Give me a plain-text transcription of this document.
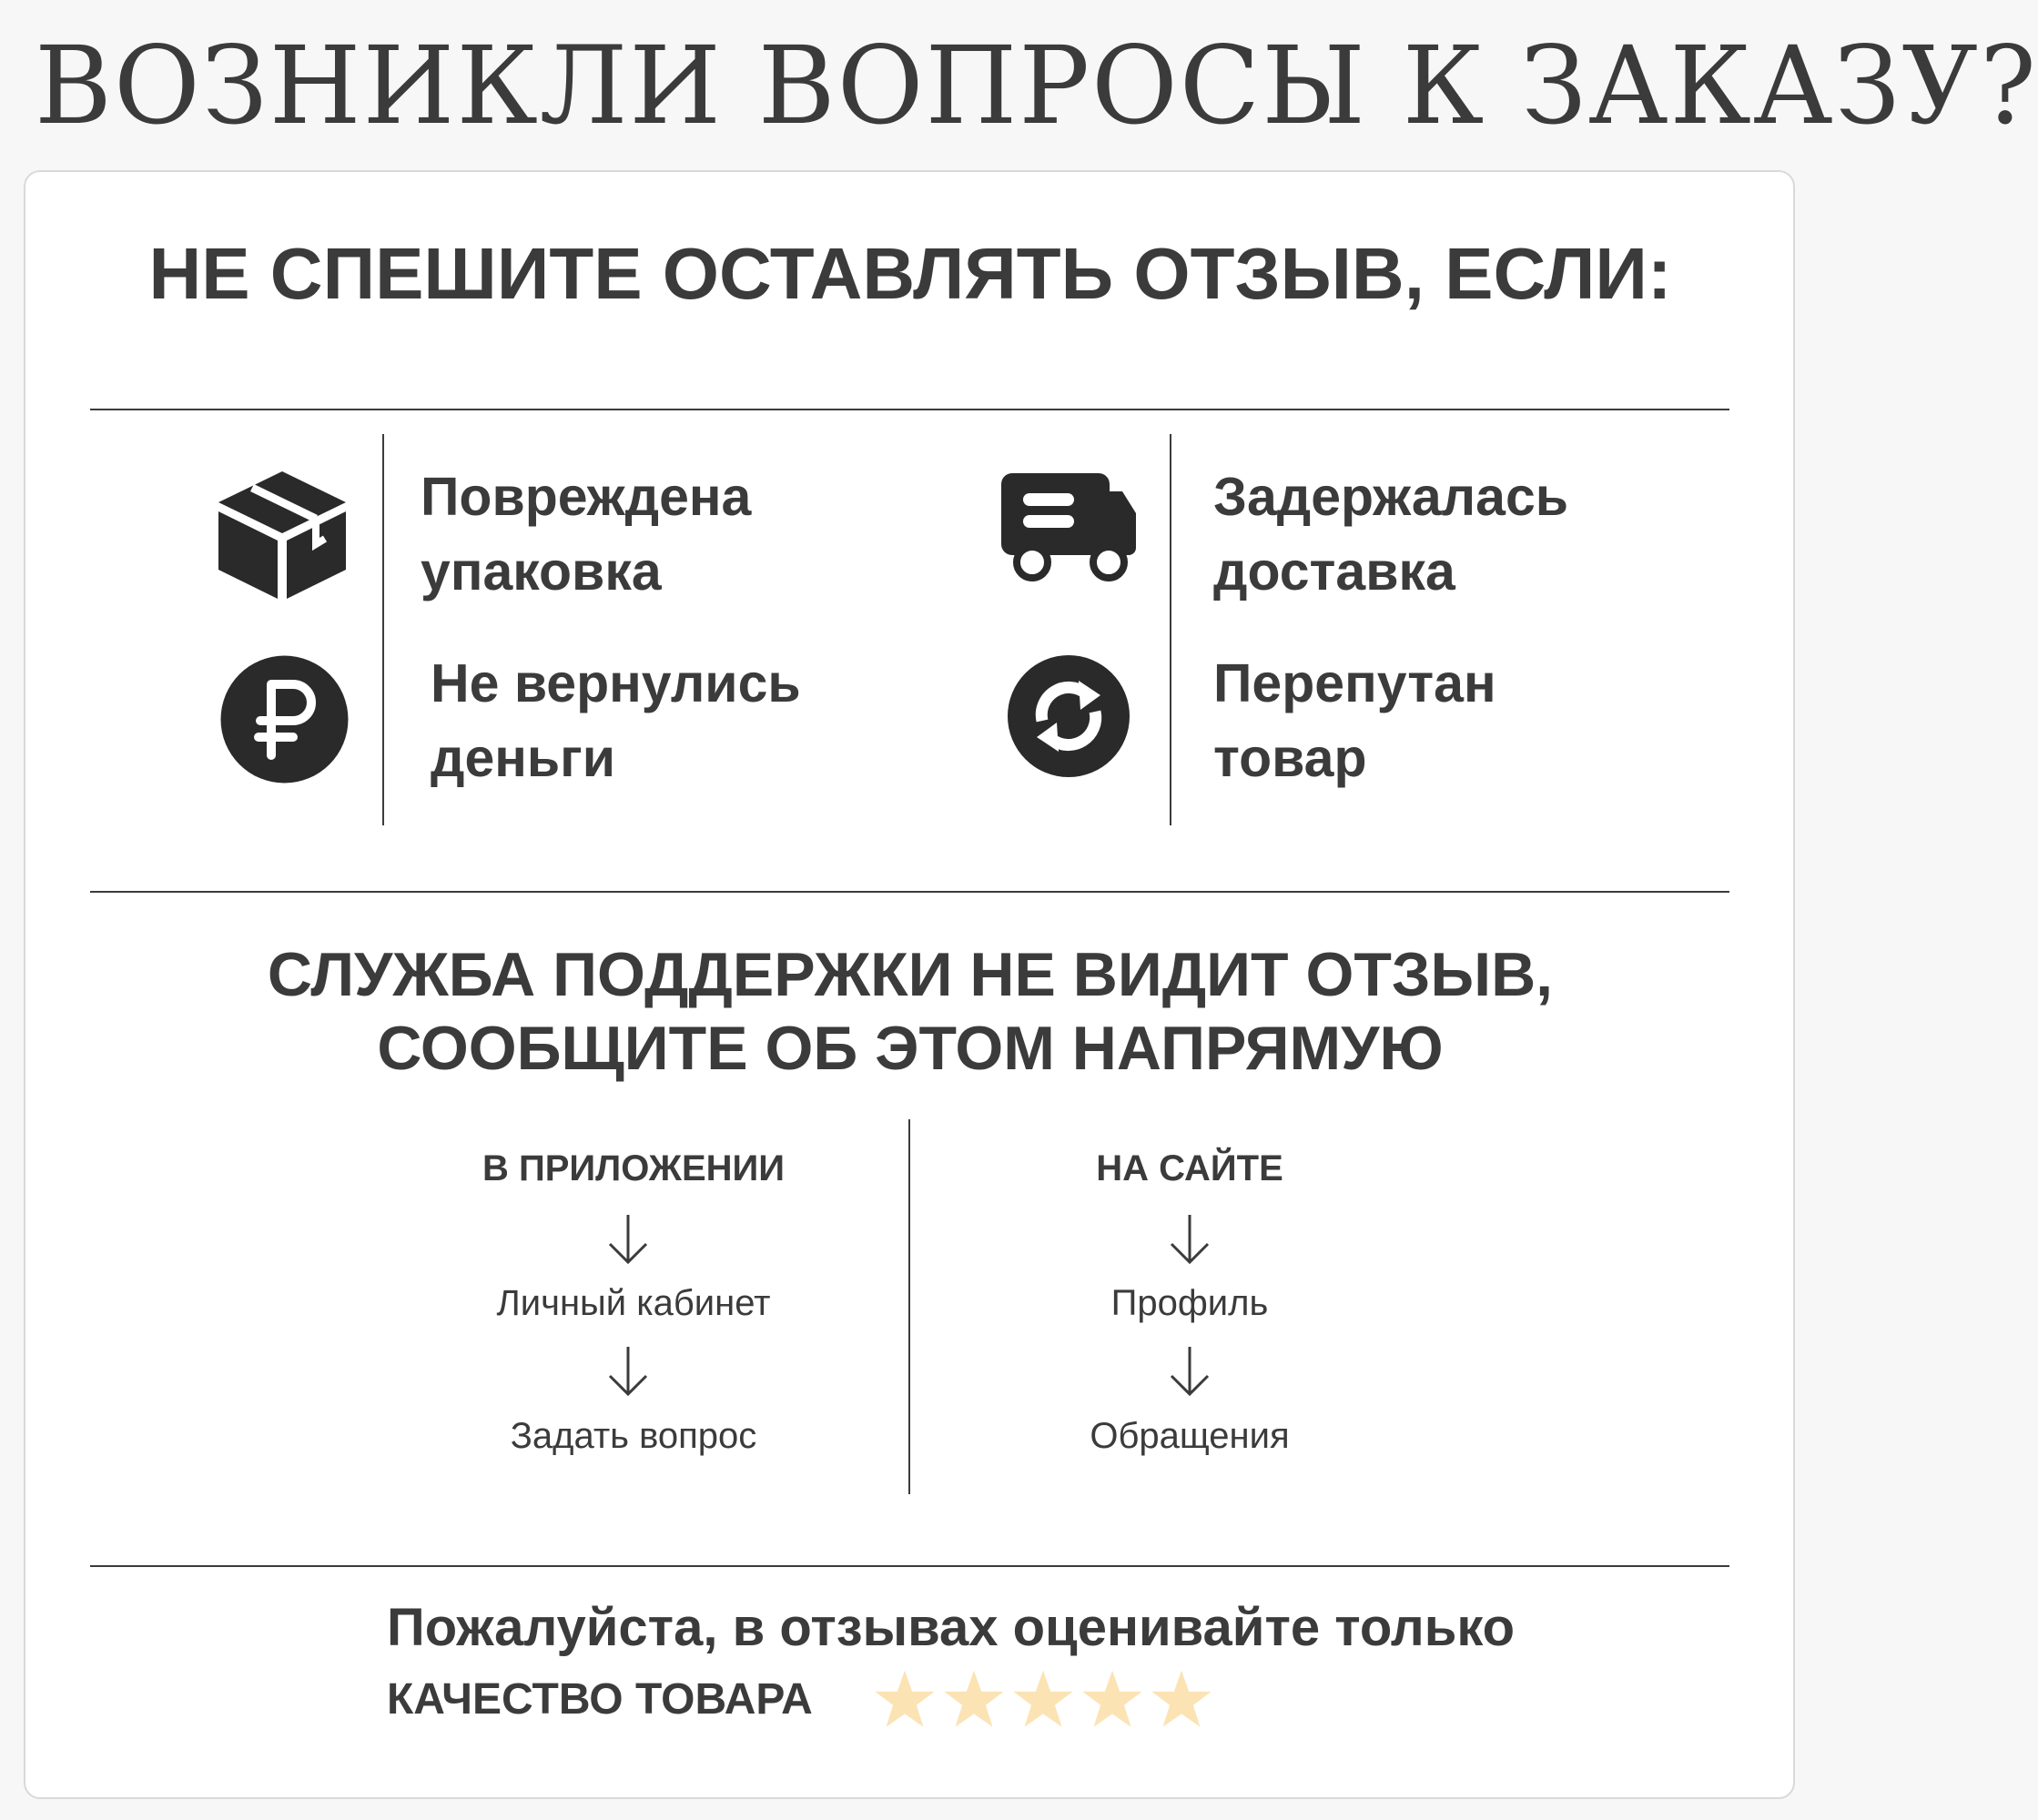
ВОЗНИКЛИ ВОПРОСЫ К ЗАКАЗУ?
НЕ СПЕШИТЕ ОСТАВЛЯТЬ ОТЗЫВ, ЕСЛИ:
Повреждена
упаковка
Задержалась
доставка
Не вернулись
деньги
Перепутан
товар
СЛУЖБА ПОДДЕРЖКИ НЕ ВИДИТ ОТЗЫВ,
СООБЩИТЕ ОБ ЭТОМ НАПРЯМУЮ
В ПРИЛОЖЕНИИ
Личный кабинет
Задать вопрос
НА САЙТЕ
Профиль
Обращения
Пожалуйста, в отзывах оценивайте только
КАЧЕСТВО ТОВАРА
